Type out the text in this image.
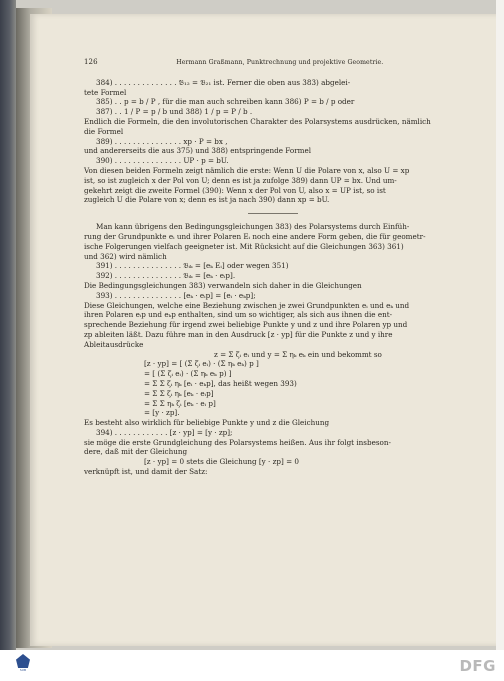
126	Hermann Graßmann, Punktrechnung und projektive Geometrie.
384) . . . . . . . . . . . . . . 𝔅₁₂ = 𝔅₂₁ ist. Ferner die oben aus 383) abgelei-
tete Formel
385) . . p = b / P , für die man auch schreiben kann 386) P = b / p oder
387) . . 1 / P = p / b und 388) 1 / p = P / b .
Endlich die Formeln, die den involutorischen Charakter des Polarsystems ausdrücken, nämlich
die Formel
389) . . . . . . . . . . . . . . . xp · P = bx ,
und andererseits die aus 375) und 388) entspringende Formel
390) . . . . . . . . . . . . . . . UP · p = bU.
Von diesen beiden Formeln zeigt nämlich die erste: Wenn U die Polare von x, also U = xp
ist, so ist zugleich x der Pol von U; denn es ist ja zufolge 389) dann UP = bx. Und um-
gekehrt zeigt die zweite Formel (390): Wenn x der Pol von U, also x = UP ist, so ist
zugleich U die Polare von x; denn es ist ja nach 390) dann xp = bU.
Man kann übrigens den Bedingungsgleichungen 383) des Polarsystems durch Einfüh-
rung der Grundpunkte eᵢ und ihrer Polaren Eᵢ noch eine andere Form geben, die für geometr-
ische Folgerungen vielfach geeigneter ist. Mit Rücksicht auf die Gleichungen 363) 361)
und 362) wird nämlich
391) . . . . . . . . . . . . . . . 𝔅ᵢₖ = [eₖ Eᵢ] oder wegen 351)
392) . . . . . . . . . . . . . . . 𝔅ᵢₖ = [eₖ · eᵢp].
Die Bedingungsgleichungen 383) verwandeln sich daher in die Gleichungen
393) . . . . . . . . . . . . . . . [eₖ · eᵢp] = [eᵢ · eₖp];
Diese Gleichungen, welche eine Beziehung zwischen je zwei Grundpunkten eᵢ und eₖ und
ihren Polaren eᵢp und eₖp enthalten, sind um so wichtiger, als sich aus ihnen die ent-
sprechende Beziehung für irgend zwei beliebige Punkte y und z und ihre Polaren yp und
zp ableiten läßt. Dazu führe man in den Ausdruck [z · yp] für die Punkte z und y ihre
Ableitausdrücke
z = Σ ζᵢ eᵢ und y = Σ ηₖ eₖ ein und bekommt so
[z · yp] = [ (Σ ζᵢ eᵢ) · (Σ ηₖ eₖ) p ]
= [ (Σ ζᵢ eᵢ) · (Σ ηₖ eₖ p) ]
= Σ Σ ζᵢ ηₖ [eᵢ · eₖp], das heißt wegen 393)
= Σ Σ ζᵢ ηₖ [eₖ · eᵢp]
= Σ Σ ηₖ ζᵢ [eₖ · eᵢ p]
= [y · zp].
Es besteht also wirklich für beliebige Punkte y und z die Gleichung
394) . . . . . . . . . . . . [z · yp] = [y · zp];
sie möge die erste Grundgleichung des Polarsystems heißen. Aus ihr folgt insbeson-
dere, daß mit der Gleichung
[z · yp] = 0 stets die Gleichung [y · zp] = 0
verknüpft ist, und damit der Satz:
SUB	DFG
